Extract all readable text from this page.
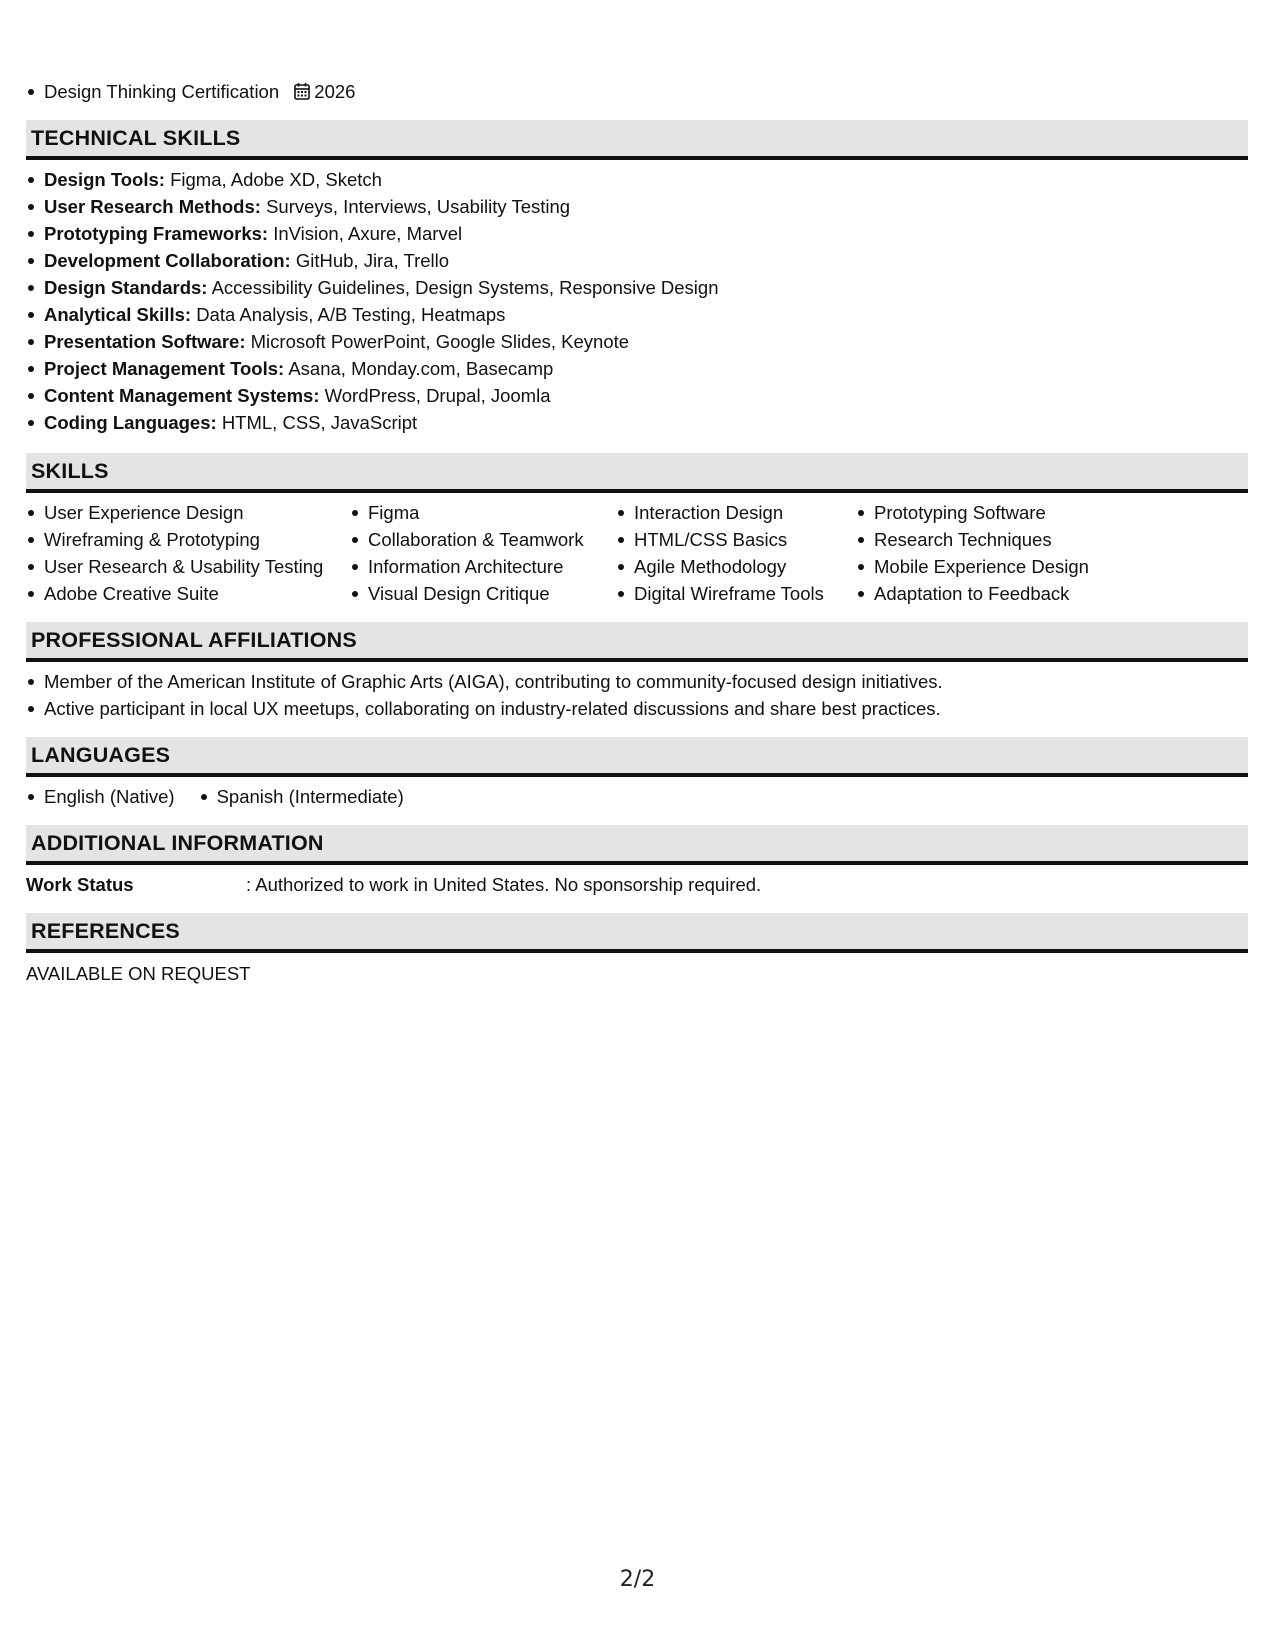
Design Thinking Certification 2026
TECHNICAL SKILLS
Design Tools: Figma, Adobe XD, Sketch
User Research Methods: Surveys, Interviews, Usability Testing
Prototyping Frameworks: InVision, Axure, Marvel
Development Collaboration: GitHub, Jira, Trello
Design Standards: Accessibility Guidelines, Design Systems, Responsive Design
Analytical Skills: Data Analysis, A/B Testing, Heatmaps
Presentation Software: Microsoft PowerPoint, Google Slides, Keynote
Project Management Tools: Asana, Monday.com, Basecamp
Content Management Systems: WordPress, Drupal, Joomla
Coding Languages: HTML, CSS, JavaScript
SKILLS
User Experience Design
Wireframing & Prototyping
User Research & Usability Testing
Adobe Creative Suite
Figma
Collaboration & Teamwork
Information Architecture
Visual Design Critique
Interaction Design
HTML/CSS Basics
Agile Methodology
Digital Wireframe Tools
Prototyping Software
Research Techniques
Mobile Experience Design
Adaptation to Feedback
PROFESSIONAL AFFILIATIONS
Member of the American Institute of Graphic Arts (AIGA), contributing to community-focused design initiatives.
Active participant in local UX meetups, collaborating on industry-related discussions and share best practices.
LANGUAGES
English (Native)	Spanish (Intermediate)
ADDITIONAL INFORMATION
Work Status	: Authorized to work in United States. No sponsorship required.
REFERENCES
AVAILABLE ON REQUEST
2/2
